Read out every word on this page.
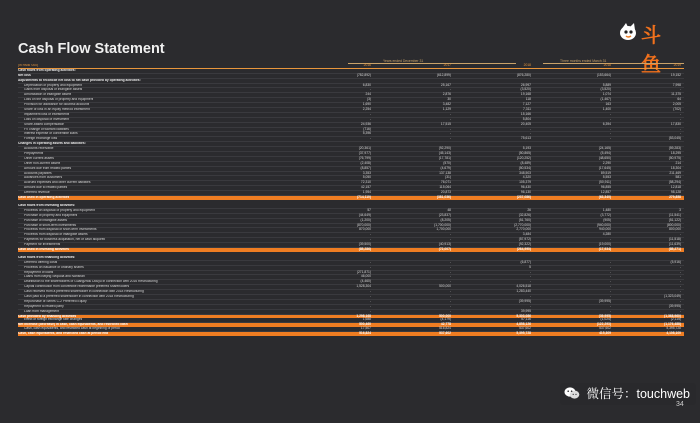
Cash Flow Statement
斗鱼
Years ended December 31	Three months ended March 31
(in RMB '000)	2016	2017	2018	2018	2019
Cash flows from operating activities:
Net loss	(782,892)	(612,899)	(876,280)	(153,664)	19,152
Adjustments to reconcile net loss to net cash provided by operating activities:
Depreciation of property and equipment	6,830	25,167	26,997	5,889	7,998
Gains from disposal of intangible assets	-	-	(3,520)	(3,520)	-
Amortization of intangible assets	244	2,876	19,168	1,074	11,375
Loss on the disposal of property and equipment	(3)	30	118	(1,467)	64
Provision for allowance for doubtful accounts	1,690	3,482	7,127	163	2,005
Share of loss in an equity method investment	2,254	1,129	7,311	1,400	(702)
Impairment loss of investments	-	-	15,166	-	-
Loss on disposal of investment	-	-	5,804	-	-
Share-based compensation	24,936	17,515	20,405	6,394	17,830
FV change of warrant liabilities	(716)	-	-	-	-
Interest expense of convertible loans	5,396	-	-	-	-
Foreign exchange loss	-	-	75,613	-	(53,045)
Changes in operating assets and liabilities:
Accounts receivable	(20,361)	(92,290)	5,193	(24,165)	(59,283)
Prepayments	(37,977)	(45,143)	(50,865)	(5,494)	18,295
Other current assets	(76,799)	(17,781)	(120,252)	(48,650)	(50,975)
Other non-current assets	(2,408)	(570)	(8,489)	2,290	214
Amount due from related parties	(8,857)	(4,679)	(50,534)	(17,645)	18,304
Accounts payables	3,353	137,138	348,503	89,519	211,469
Advances from customers	5,050	(31)	4,320	5,553	581
Accrued expenses and other current liabilities	72,310	76,071	105,379	(50,911)	(58,294)
Amount due to related parties	42,157	115,064	96,430	96,855	12,818
Deferred revenue	1,954	20,873	96,130	12,857	98,128
Cash used in operating activities	(714,110)	(381,036)	(237,086)	(63,340)	279,858
Cash flows from investing activities:
Proceeds on disposal of property and equipment	57	48	26	1,480	3
Purchase of property and equipment	(44,649)	(23,837)	(32,826)	(3,772)	(11,541)
Purchase of intangible assets	(1,200)	(8,205)	(51,760)	(905)	(51,122)
Purchase of short-term investments	(870,000)	(1,700,000)	(2,770,000)	(940,000)	(800,000)
Proceeds from disposal of short-term investments	870,000	1,700,000	2,770,000	940,000	800,000
Proceeds from disposal of intangible assets	-	-	3,484	4,280	-
Payments for business acquisition, net of cash acquired	-	-	(57,972)	-	(11,518)
Payment for investments	(39,500)	(40,913)	(92,322)	(19,000)	(11,639)
Cash used in investing activities	(85,286)	(72,007)	(264,990)	(17,934)	(85,271)
Cash flows from financing activities:
Deferred offering costs	-	-	(6,877)	-	(5,916)
Proceeds on issuance of ordinary shares	-	-	5	-	-
Repayment of loans	(271,871)	-	-	-	-
Loans from Beijing Sequoia and Nanshan	46,000	-	-	-	-
Distribution to the shareholders of Guangzhou Douyu in connection with 2016 Restructuring	(4,460)	-	-	-	-
Capital contribution from convertible redeemable preferred shareholders	1,528,304	500,000	4,026,518	-	-
Cash received from a preferred shareholder in connection with 2018 Restructuring	-	-	1,283,440	-	-
Cash paid to a preferred shareholder in connection with 2018 Restructuring	-	-	-	-	(1,323,049)
Repurchase of Series C-2 Preferred Equity	-	-	(39,995)	(39,995)	-
Repayment to related party	-	-	-	-	(39,995)
Loan from management	-	-	39,995	-	-
Cash provided by financing activities	1,298,168	500,000	5,303,086	(39,995)	(1,368,960)
Effect of foreign exchange rate changes	1,688	(4,179)	57,116	(1,024)	(2,115)
Net increase (decrease) in cash, cash equivalents, and restricted cash	500,460	42,778	4,858,126	(122,293)	(1,176,488)
Cash, cash equivalents, and restricted cash at beginning of period	17,507	516,824	537,602	537,602	5,395,728
Cash, cash equivalents, and restricted cash at period end	516,824	537,602	5,395,728	415,309	4,108,100
微信号：touchweb
34
